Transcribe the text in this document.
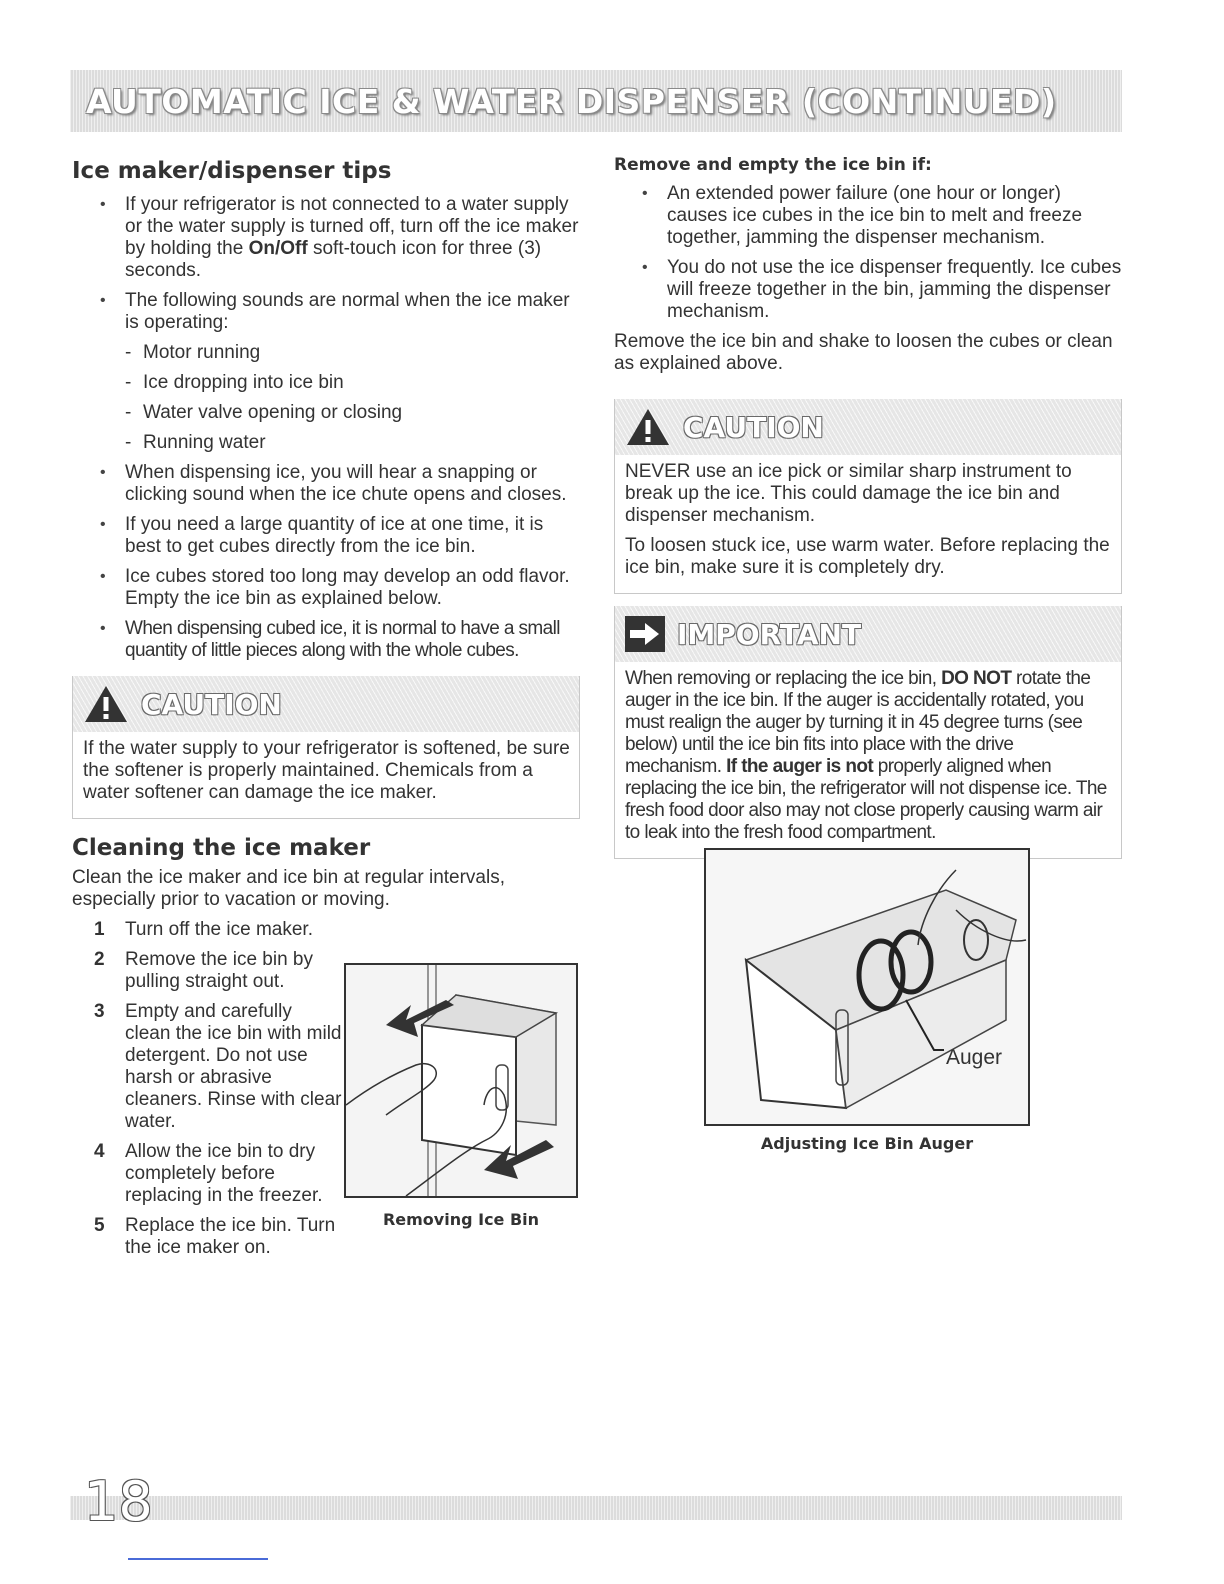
AUTOMATIC ICE & WATER DISPENSER (CONTINUED)
Ice maker/dispenser tips
• If your refrigerator is not connected to a water supply or the water supply is turned off, turn off the ice maker by holding the On/Off soft-touch icon for three (3) seconds.
• The following sounds are normal when the ice maker is operating:
- Motor running
- Ice dropping into ice bin
- Water valve opening or closing
- Running water
• When dispensing ice, you will hear a snapping or clicking sound when the ice chute opens and closes.
• If you need a large quantity of ice at one time, it is best to get cubes directly from the ice bin.
• Ice cubes stored too long may develop an odd flavor. Empty the ice bin as explained below.
• When dispensing cubed ice, it is normal to have a small quantity of little pieces along with the whole cubes.
CAUTION

If the water supply to your refrigerator is softened, be sure the softener is properly maintained. Chemicals from a water softener can damage the ice maker.

Cleaning the ice maker

Clean the ice maker and ice bin at regular intervals, especially prior to vacation or moving.

1 Turn off the ice maker.
2 Remove the ice bin by pulling straight out.
3 Empty and carefully clean the ice bin with mild detergent. Do not use harsh or abrasive cleaners. Rinse with clear water.
4 Allow the ice bin to dry completely before replacing in the freezer.
5 Replace the ice bin. Turn the ice maker on.
Removing Ice Bin
Remove and empty the ice bin if:
• An extended power failure (one hour or longer) causes ice cubes in the ice bin to melt and freeze together, jamming the dispenser mechanism.
• You do not use the ice dispenser frequently. Ice cubes will freeze together in the bin, jamming the dispenser mechanism.

Remove the ice bin and shake to loosen the cubes or clean as explained above.

CAUTION

NEVER use an ice pick or similar sharp instrument to break up the ice. This could damage the ice bin and dispenser mechanism.

To loosen stuck ice, use warm water. Before replacing the ice bin, make sure it is completely dry.

IMPORTANT

When removing or replacing the ice bin, DO NOT rotate the auger in the ice bin. If the auger is accidentally rotated, you must realign the auger by turning it in 45 degree turns (see below) until the ice bin fits into place with the drive mechanism. If the auger is not properly aligned when replacing the ice bin, the refrigerator will not dispense ice. The fresh food door also may not close properly causing warm air to leak into the fresh food compartment.

Auger
Adjusting Ice Bin Auger
18
